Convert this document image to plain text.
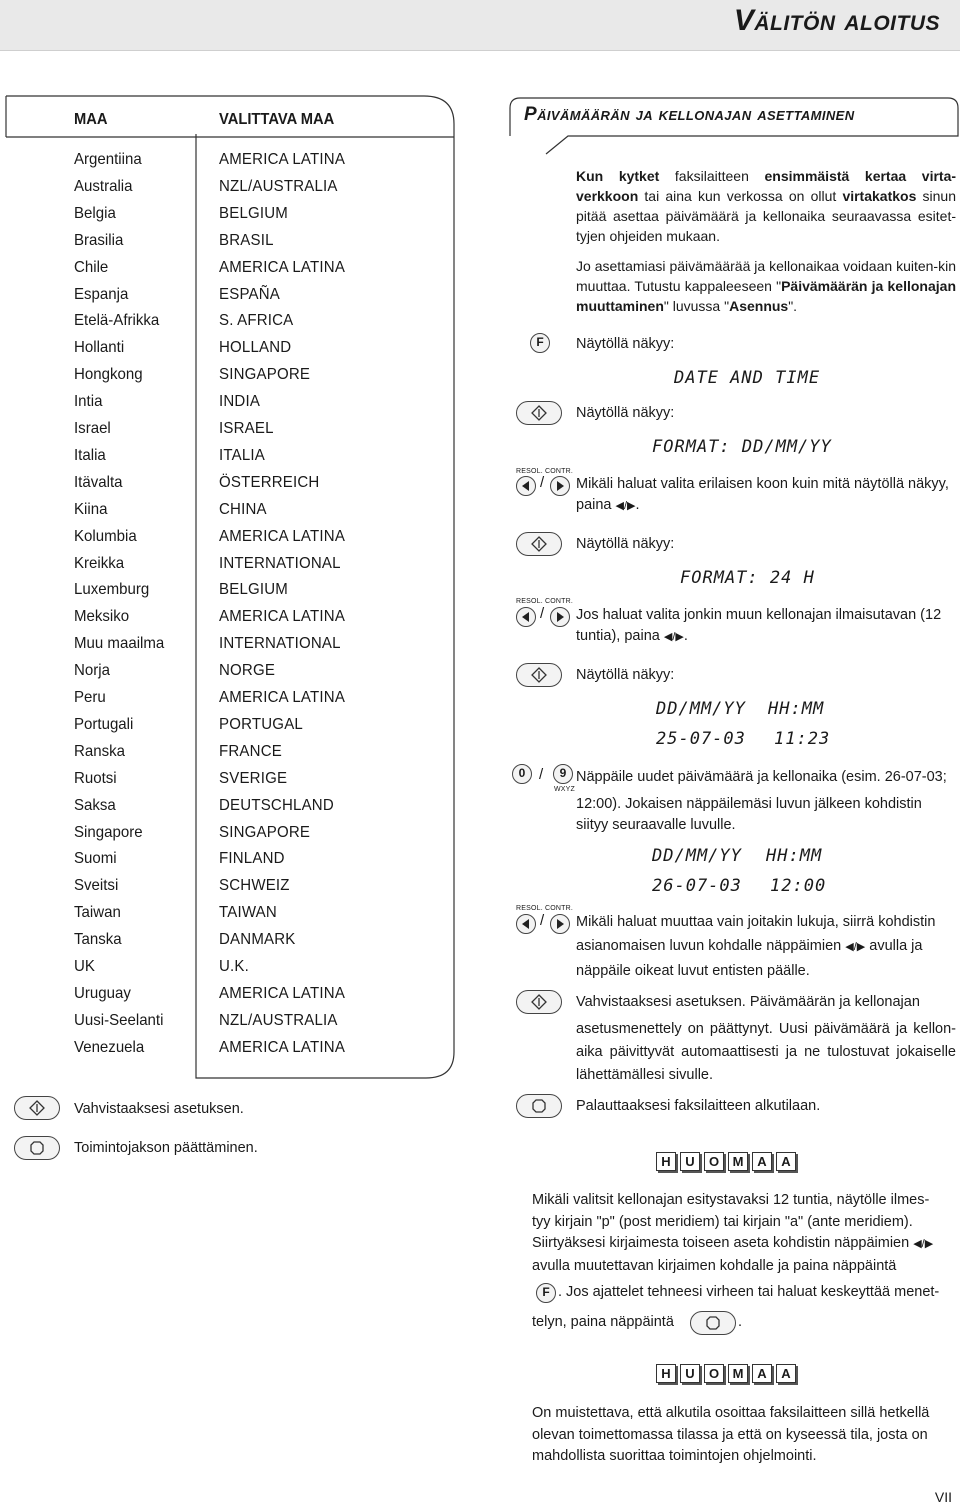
Välitön aloitus
MAA	VALITTAVA MAA
Argentiina	AMERICA LATINA
Australia	NZL/AUSTRALIA
Belgia	BELGIUM
Brasilia	BRASIL
Chile	AMERICA LATINA
Espanja	ESPAÑA
Etelä-Afrikka	S. AFRICA
Hollanti	HOLLAND
Hongkong	SINGAPORE
Intia	INDIA
Israel	ISRAEL
Italia	ITALIA
Itävalta	ÖSTERREICH
Kiina	CHINA
Kolumbia	AMERICA LATINA
Kreikka	INTERNATIONAL
Luxemburg	BELGIUM
Meksiko	AMERICA LATINA
Muu maailma	INTERNATIONAL
Norja	NORGE
Peru	AMERICA LATINA
Portugali	PORTUGAL
Ranska	FRANCE
Ruotsi	SVERIGE
Saksa	DEUTSCHLAND
Singapore	SINGAPORE
Suomi	FINLAND
Sveitsi	SCHWEIZ
Taiwan	TAIWAN
Tanska	DANMARK
UK	U.K.
Uruguay	AMERICA LATINA
Uusi-Seelanti	NZL/AUSTRALIA
Venezuela	AMERICA LATINA
Vahvistaaksesi asetuksen.
Toimintojakson päättäminen.
Päivämäärän ja kellonajan asettaminen
Kun kytket faksilaitteen ensimmäistä kertaa virta-verkkoon tai aina kun verkossa on ollut virtakatkos sinun pitää asettaa päivämäärä ja kellonaika seuraavassa esitet-tyjen ohjeiden mukaan.
Jo asettamiasi päivämäärää ja kellonaikaa voidaan kuiten-kin muuttaa. Tutustu kappaleeseen "Päivämäärän ja kellonajan muuttaminen" luvussa "Asennus".
F	Näytöllä näkyy:
DATE AND TIME
Näytöllä näkyy:
FORMAT: DD/MM/YY
RESOL. CONTR.
/ Mikäli haluat valita erilaisen koon kuin mitä näytöllä näkyy,
paina ◀/▶.
Näytöllä näkyy:
FORMAT: 24 H
RESOL. CONTR.
/ Jos haluat valita jonkin muun kellonajan ilmaisutavan (12
tuntia), paina ◀/▶.
Näytöllä näkyy:
DD/MM/YY HH:MM
25-07-03 11:23
0 /	9
WXYZ
Näppäile uudet päivämäärä ja kellonaika (esim. 26-07-03;
12:00). Jokaisen näppäilemäsi luvun jälkeen kohdistin siityy seuraavalle luvulle.
DD/MM/YY HH:MM
26-07-03 12:00
RESOL. CONTR.
/ Mikäli haluat muuttaa vain joitakin lukuja, siirrä kohdistin
asianomaisen luvun kohdalle näppäimien ◀/▶ avulla ja
näppäile oikeat luvut entisten päälle.
Vahvistaaksesi asetuksen. Päivämäärän ja kellonajan
asetusmenettely on päättynyt. Uusi päivämäärä ja kellon-aika päivittyvät automaattisesti ja ne tulostuvat jokaiselle lähettämällesi sivulle.
Palauttaaksesi faksilaitteen alkutilaan.
H	U	O	M	A	A
Mikäli valitsit kellonajan esitystavaksi 12 tuntia, näytölle ilmes-tyy kirjain "p" (post meridiem) tai kirjain "a" (ante meridiem). Siirtyäksesi kirjaimesta toiseen aseta kohdistin näppäimien ◀/▶ avulla muutettavan kirjaimen kohdalle ja paina näppäintä
F . Jos ajattelet tehneesi virheen tai haluat keskeyttää menet-
telyn, paina näppäintä	.
H	U	O	M	A	A
On muistettava, että alkutila osoittaa faksilaitteen sillä hetkellä olevan toimettomassa tilassa ja että on kyseessä tila, josta on mahdollista suorittaa toimintojen ohjelmointi.
VII
